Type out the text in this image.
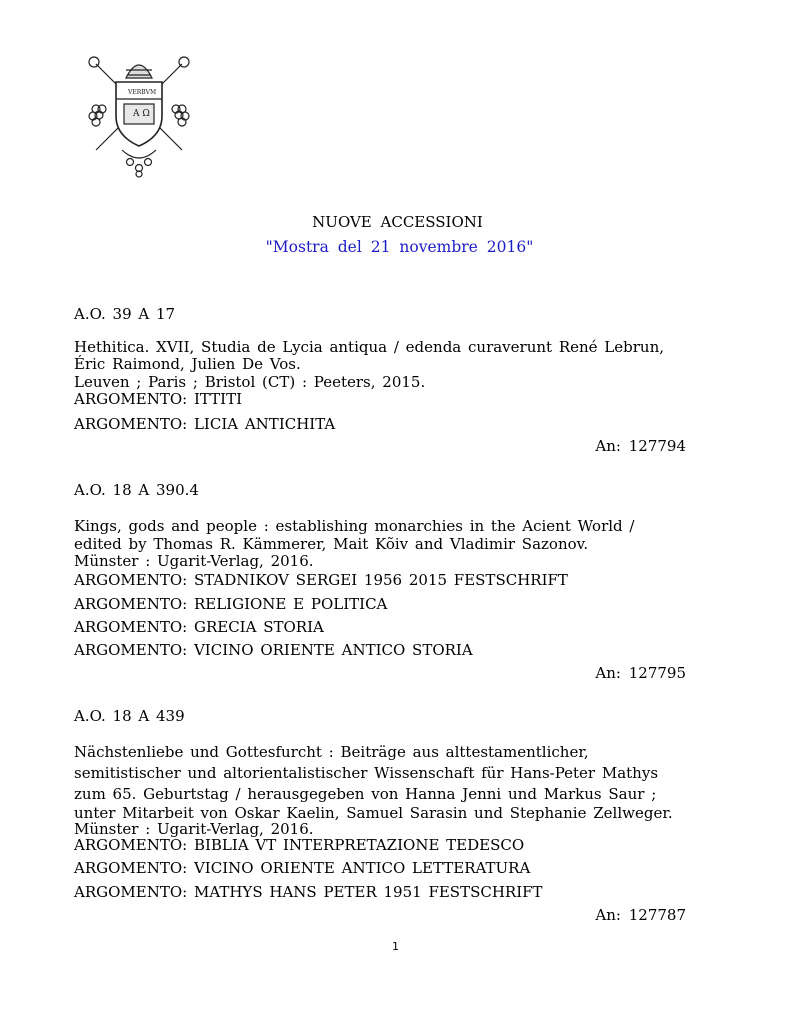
VERBVM
A Ω
NUOVE ACCESSIONI
"Mostra del 21 novembre 2016"
A.O. 39 A 17
Hethitica. XVII, Studia de Lycia antiqua / edenda curaverunt René Lebrun,
Éric Raimond, Julien De Vos.
Leuven ; Paris ; Bristol (CT) : Peeters, 2015.
ARGOMENTO: ITTITI
ARGOMENTO: LICIA ANTICHITA
An: 127794
A.O. 18 A 390.4
Kings, gods and people : establishing monarchies in the Acient World /
edited by Thomas R. Kämmerer, Mait Kõiv and Vladimir Sazonov.
Münster : Ugarit-Verlag, 2016.
ARGOMENTO: STADNIKOV SERGEI 1956 2015 FESTSCHRIFT
ARGOMENTO: RELIGIONE E POLITICA
ARGOMENTO: GRECIA STORIA
ARGOMENTO: VICINO ORIENTE ANTICO STORIA
An: 127795
A.O. 18 A 439
Nächstenliebe und Gottesfurcht : Beiträge aus alttestamentlicher,
semitistischer und altorientalistischer Wissenschaft für Hans-Peter Mathys
zum 65. Geburtstag / herausgegeben von Hanna Jenni und Markus Saur ;
unter Mitarbeit von Oskar Kaelin, Samuel Sarasin und Stephanie Zellweger.
Münster : Ugarit-Verlag, 2016.
ARGOMENTO: BIBLIA VT INTERPRETAZIONE TEDESCO
ARGOMENTO: VICINO ORIENTE ANTICO LETTERATURA
ARGOMENTO: MATHYS HANS PETER 1951 FESTSCHRIFT
An: 127787
1
